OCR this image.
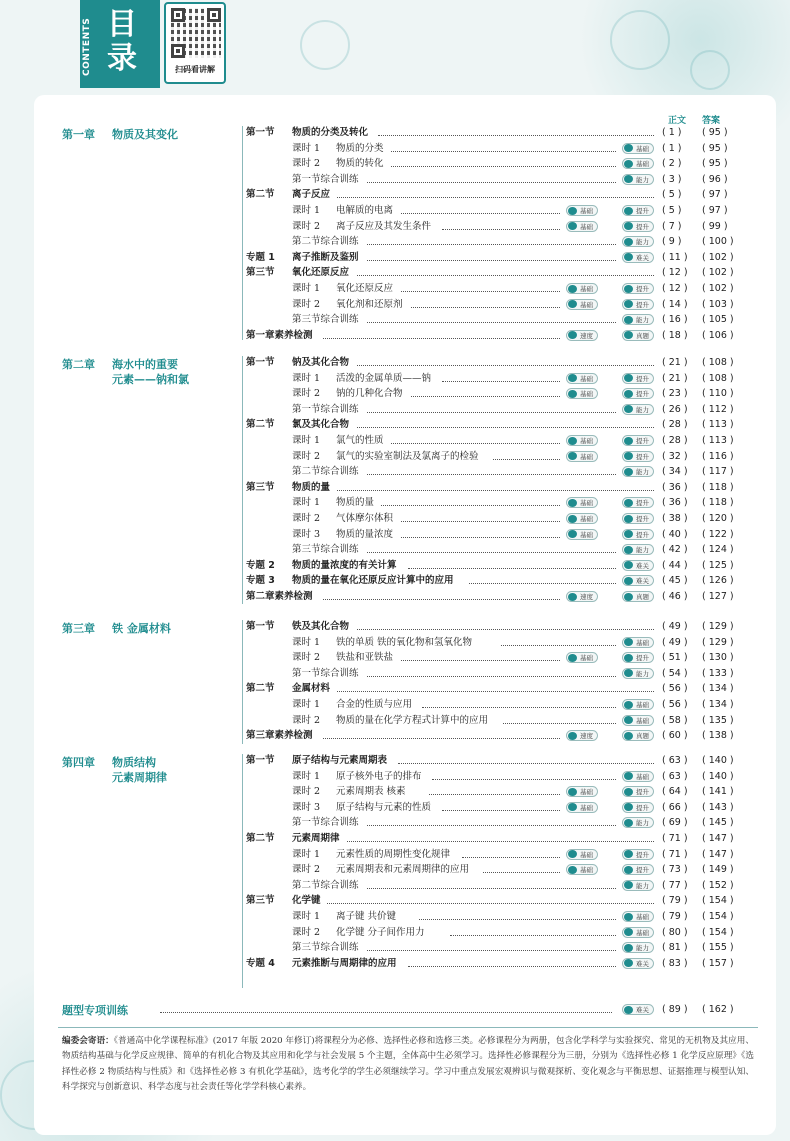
CONTENTS 目录	扫码看讲解
正文 答案
第一章 物质及其变化
第二章 海水中的重要
元素——钠和氯
第三章 铁 金属材料
第四章 物质结构
元素周期律
第一节 物质的分类及转化	( 1 ) ( 95 )
课时 1 物质的分类	基础	( 1 ) ( 95 )
课时 2 物质的转化	基础	( 2 ) ( 95 )
第一节综合训练	能力	( 3 ) ( 96 )
第二节 离子反应	( 5 ) ( 97 )
课时 1 电解质的电离	基础	提升	( 5 ) ( 97 )
课时 2 离子反应及其发生条件	基础	提升	( 7 ) ( 99 )
第二节综合训练	能力	( 9 ) ( 100 )
专题 1 离子推断及鉴别	难关	( 11 ) ( 102 )
第三节 氧化还原反应	( 12 ) ( 102 )
课时 1 氧化还原反应	基础	提升	( 12 ) ( 102 )
课时 2 氧化剂和还原剂	基础	提升	( 14 ) ( 103 )
第三节综合训练	能力	( 16 ) ( 105 )
第一章素养检测	速度	真题	( 18 ) ( 106 )
第一节 钠及其化合物	( 21 ) ( 108 )
课时 1 活泼的金属单质——钠	基础	提升	( 21 ) ( 108 )
课时 2 钠的几种化合物	基础	提升	( 23 ) ( 110 )
第一节综合训练	能力	( 26 ) ( 112 )
第二节 氯及其化合物	( 28 ) ( 113 )
课时 1 氯气的性质	基础	提升	( 28 ) ( 113 )
课时 2 氯气的实验室制法及氯离子的检验	基础	提升	( 32 ) ( 116 )
第二节综合训练	能力	( 34 ) ( 117 )
第三节 物质的量	( 36 ) ( 118 )
课时 1 物质的量	基础	提升	( 36 ) ( 118 )
课时 2 气体摩尔体积	基础	提升	( 38 ) ( 120 )
课时 3 物质的量浓度	基础	提升	( 40 ) ( 122 )
第三节综合训练	能力	( 42 ) ( 124 )
专题 2 物质的量浓度的有关计算	难关	( 44 ) ( 125 )
专题 3 物质的量在氧化还原反应计算中的应用	难关	( 45 ) ( 126 )
第二章素养检测	速度	真题	( 46 ) ( 127 )
第一节 铁及其化合物	( 49 ) ( 129 )
课时 1 铁的单质 铁的氧化物和氢氧化物	基础	( 49 ) ( 129 )
课时 2 铁盐和亚铁盐	基础	提升	( 51 ) ( 130 )
第一节综合训练	能力	( 54 ) ( 133 )
第二节 金属材料	( 56 ) ( 134 )
课时 1 合金的性质与应用	基础	( 56 ) ( 134 )
课时 2 物质的量在化学方程式计算中的应用	基础	( 58 ) ( 135 )
第三章素养检测	速度	真题	( 60 ) ( 138 )
第一节 原子结构与元素周期表	( 63 ) ( 140 )
课时 1 原子核外电子的排布	基础	( 63 ) ( 140 )
课时 2 元素周期表 核素	基础	提升	( 64 ) ( 141 )
课时 3 原子结构与元素的性质	基础	提升	( 66 ) ( 143 )
第一节综合训练	能力	( 69 ) ( 145 )
第二节 元素周期律	( 71 ) ( 147 )
课时 1 元素性质的周期性变化规律	基础	提升	( 71 ) ( 147 )
课时 2 元素周期表和元素周期律的应用	基础	提升	( 73 ) ( 149 )
第二节综合训练	能力	( 77 ) ( 152 )
第三节 化学键	( 79 ) ( 154 )
课时 1 离子键 共价键	基础	( 79 ) ( 154 )
课时 2 化学键 分子间作用力	基础	( 80 ) ( 154 )
第三节综合训练	能力	( 81 ) ( 155 )
专题 4 元素推断与周期律的应用	难关	( 83 ) ( 157 )
题型专项训练	难关	( 89 ) ( 162 )
编委会寄语：《普通高中化学课程标准》(2017 年版 2020 年修订)将课程分为必修、选择性必修和选修三类。必修课程分为两册，包含化学科学与实验探究、常见的无机物及其应用、物质结构基础与化学反应规律、简单的有机化合物及其应用和化学与社会发展 5 个主题，全体高中生必须学习。选择性必修课程分为三册，分别为《选择性必修 1 化学反应原理》《选择性必修 2 物质结构与性质》和《选择性必修 3 有机化学基础》，选考化学的学生必须继续学习。学习中重点发展宏观辨识与微观探析、变化观念与平衡思想、证据推理与模型认知、科学探究与创新意识、科学态度与社会责任等化学学科核心素养。
